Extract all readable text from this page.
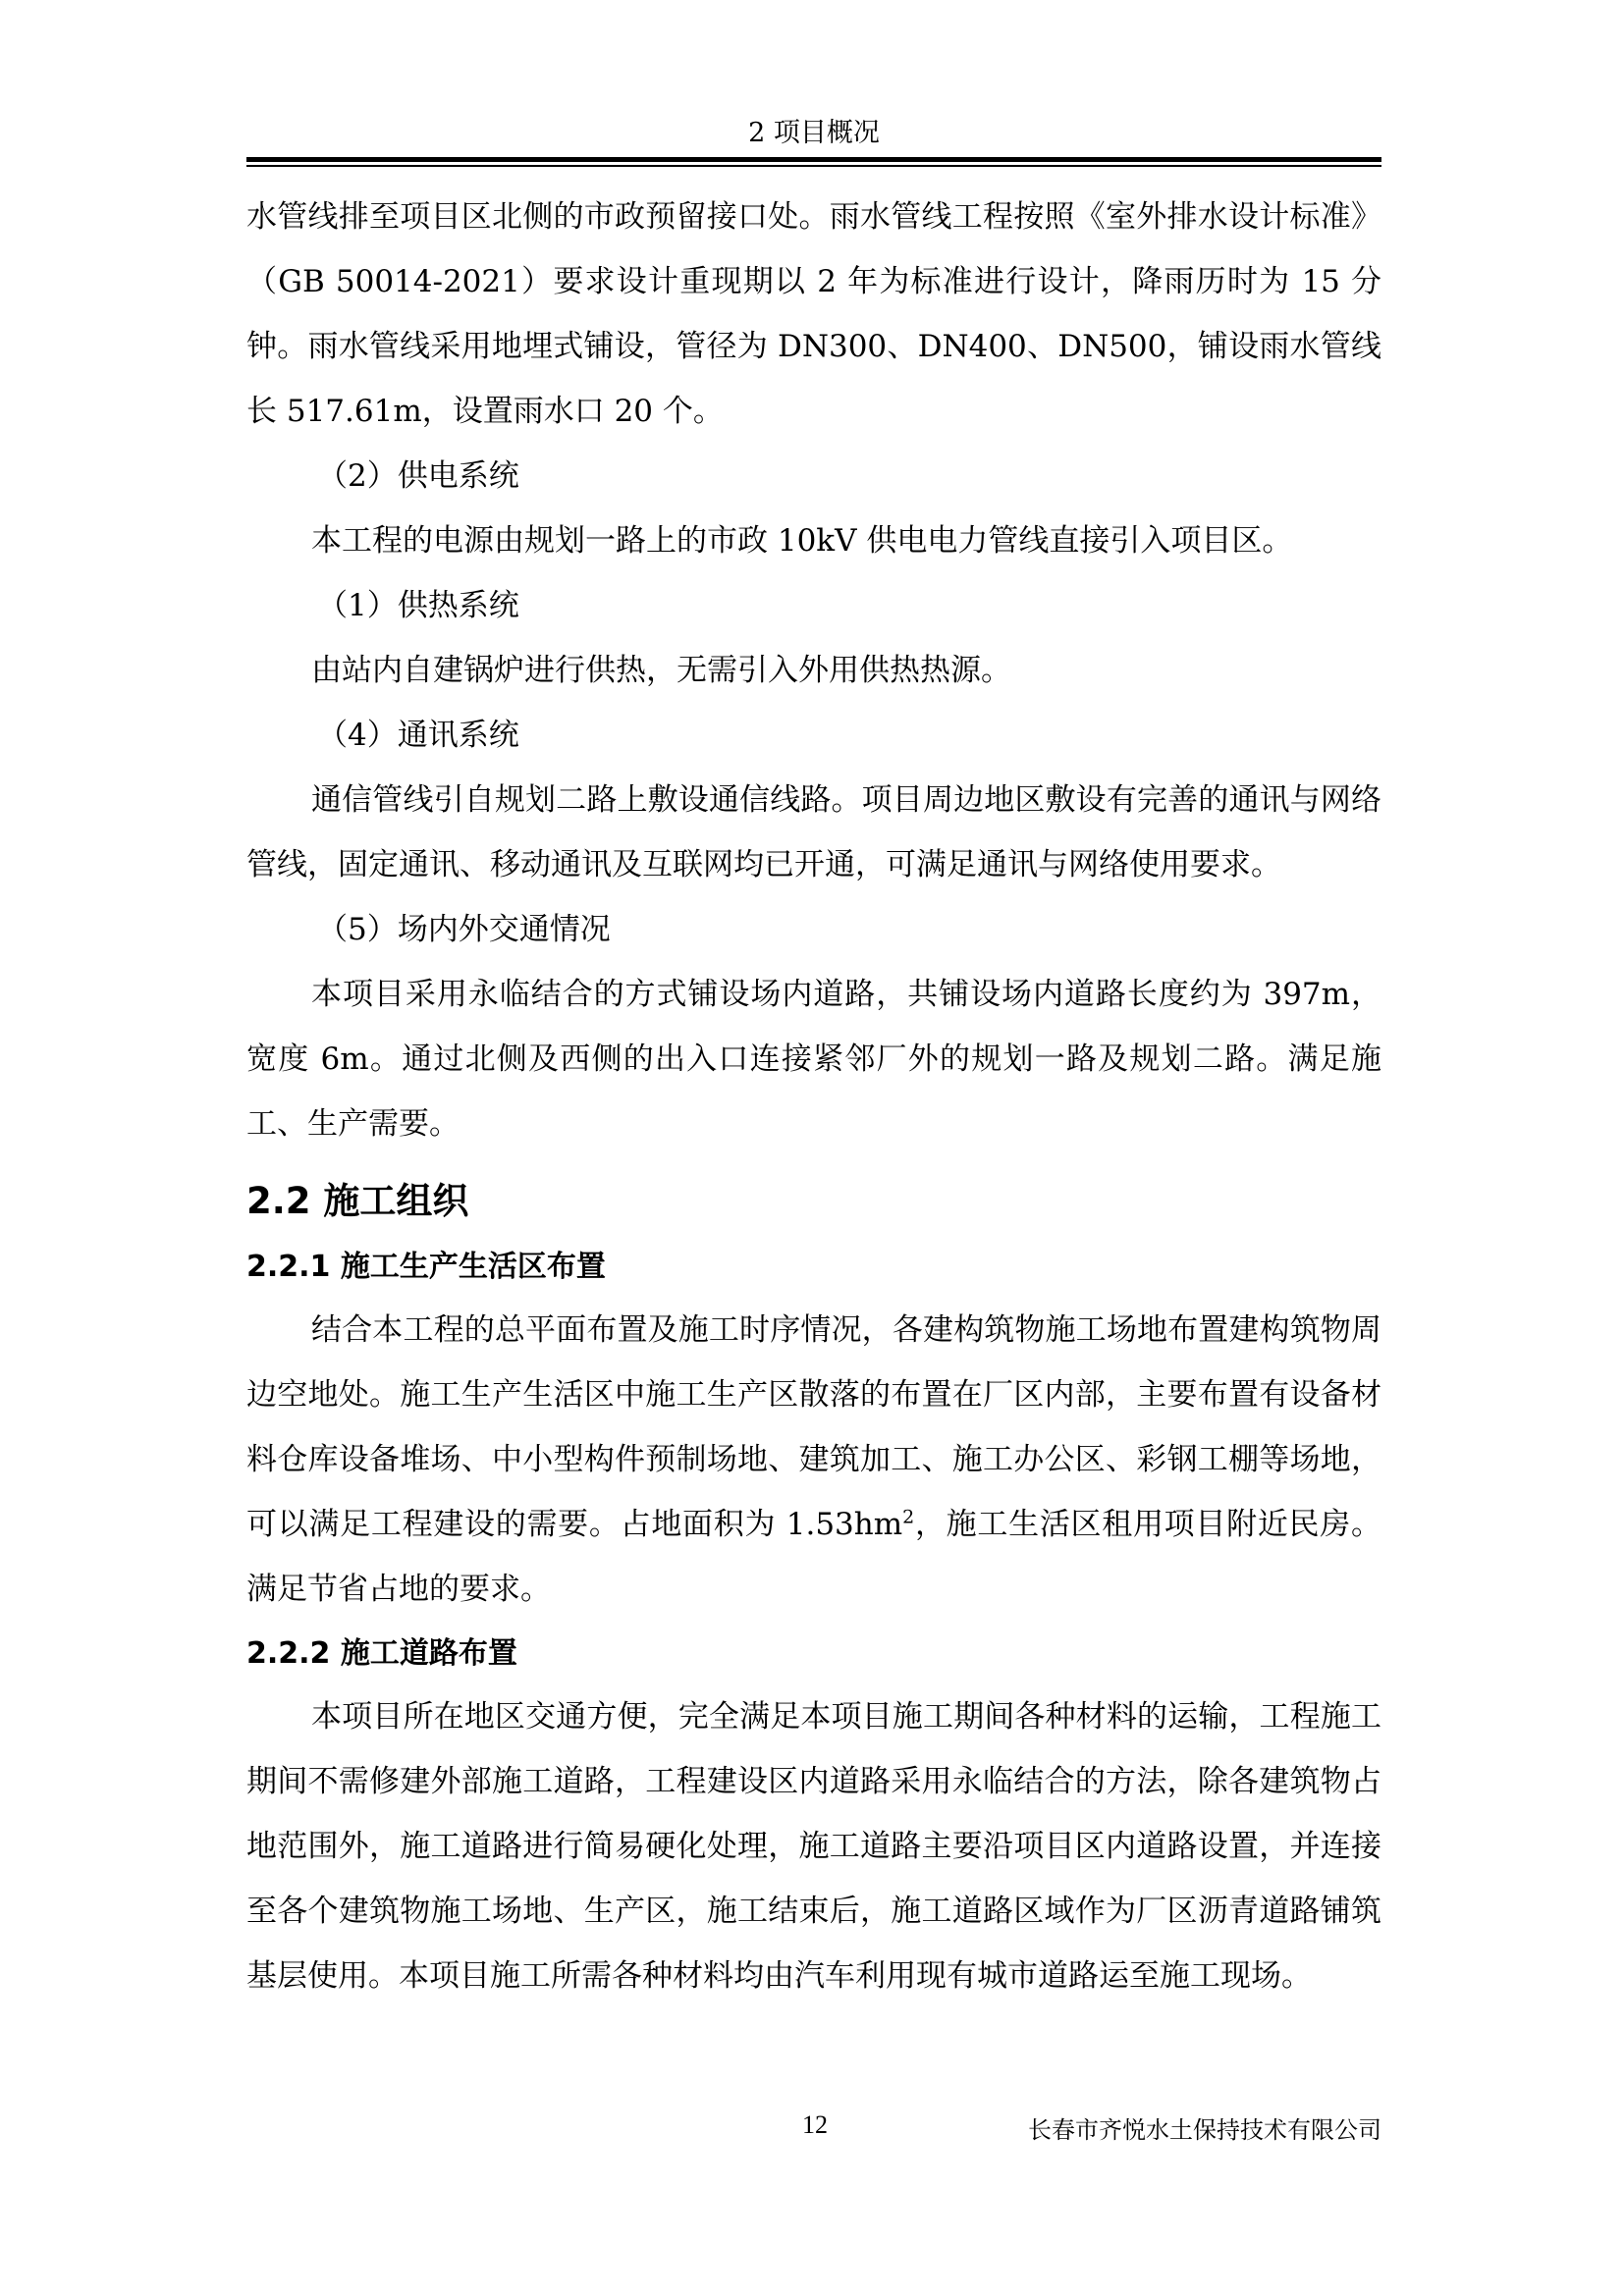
2 项目概况

水管线排至项目区北侧的市政预留接口处。雨水管线工程按照《室外排水设计标准》（GB 50014-2021）要求设计重现期以 2 年为标准进行设计，降雨历时为 15 分钟。雨水管线采用地埋式铺设，管径为 DN300、DN400、DN500，铺设雨水管线长 517.61m，设置雨水口 20 个。

（2）供电系统

本工程的电源由规划一路上的市政 10kV 供电电力管线直接引入项目区。

（1）供热系统

由站内自建锅炉进行供热，无需引入外用供热热源。

（4）通讯系统

通信管线引自规划二路上敷设通信线路。项目周边地区敷设有完善的通讯与网络管线，固定通讯、移动通讯及互联网均已开通，可满足通讯与网络使用要求。

（5）场内外交通情况

本项目采用永临结合的方式铺设场内道路，共铺设场内道路长度约为 397m，宽度 6m。通过北侧及西侧的出入口连接紧邻厂外的规划一路及规划二路。满足施工、生产需要。

2.2 施工组织
2.2.1 施工生产生活区布置

结合本工程的总平面布置及施工时序情况，各建构筑物施工场地布置建构筑物周边空地处。施工生产生活区中施工生产区散落的布置在厂区内部，主要布置有设备材料仓库设备堆场、中小型构件预制场地、建筑加工、施工办公区、彩钢工棚等场地，可以满足工程建设的需要。占地面积为 $1.53hm^2$，施工生活区租用项目附近民房。满足节省占地的要求。

2.2.2 施工道路布置

本项目所在地区交通方便，完全满足本项目施工期间各种材料的运输，工程施工期间不需修建外部施工道路，工程建设区内道路采用永临结合的方法，除各建筑物占地范围外，施工道路进行简易硬化处理，施工道路主要沿项目区内道路设置，并连接至各个建筑物施工场地、生产区，施工结束后，施工道路区域作为厂区沥青道路铺筑基层使用。本项目施工所需各种材料均由汽车利用现有城市道路运至施工现场。

12	长春市齐悦水土保持技术有限公司
